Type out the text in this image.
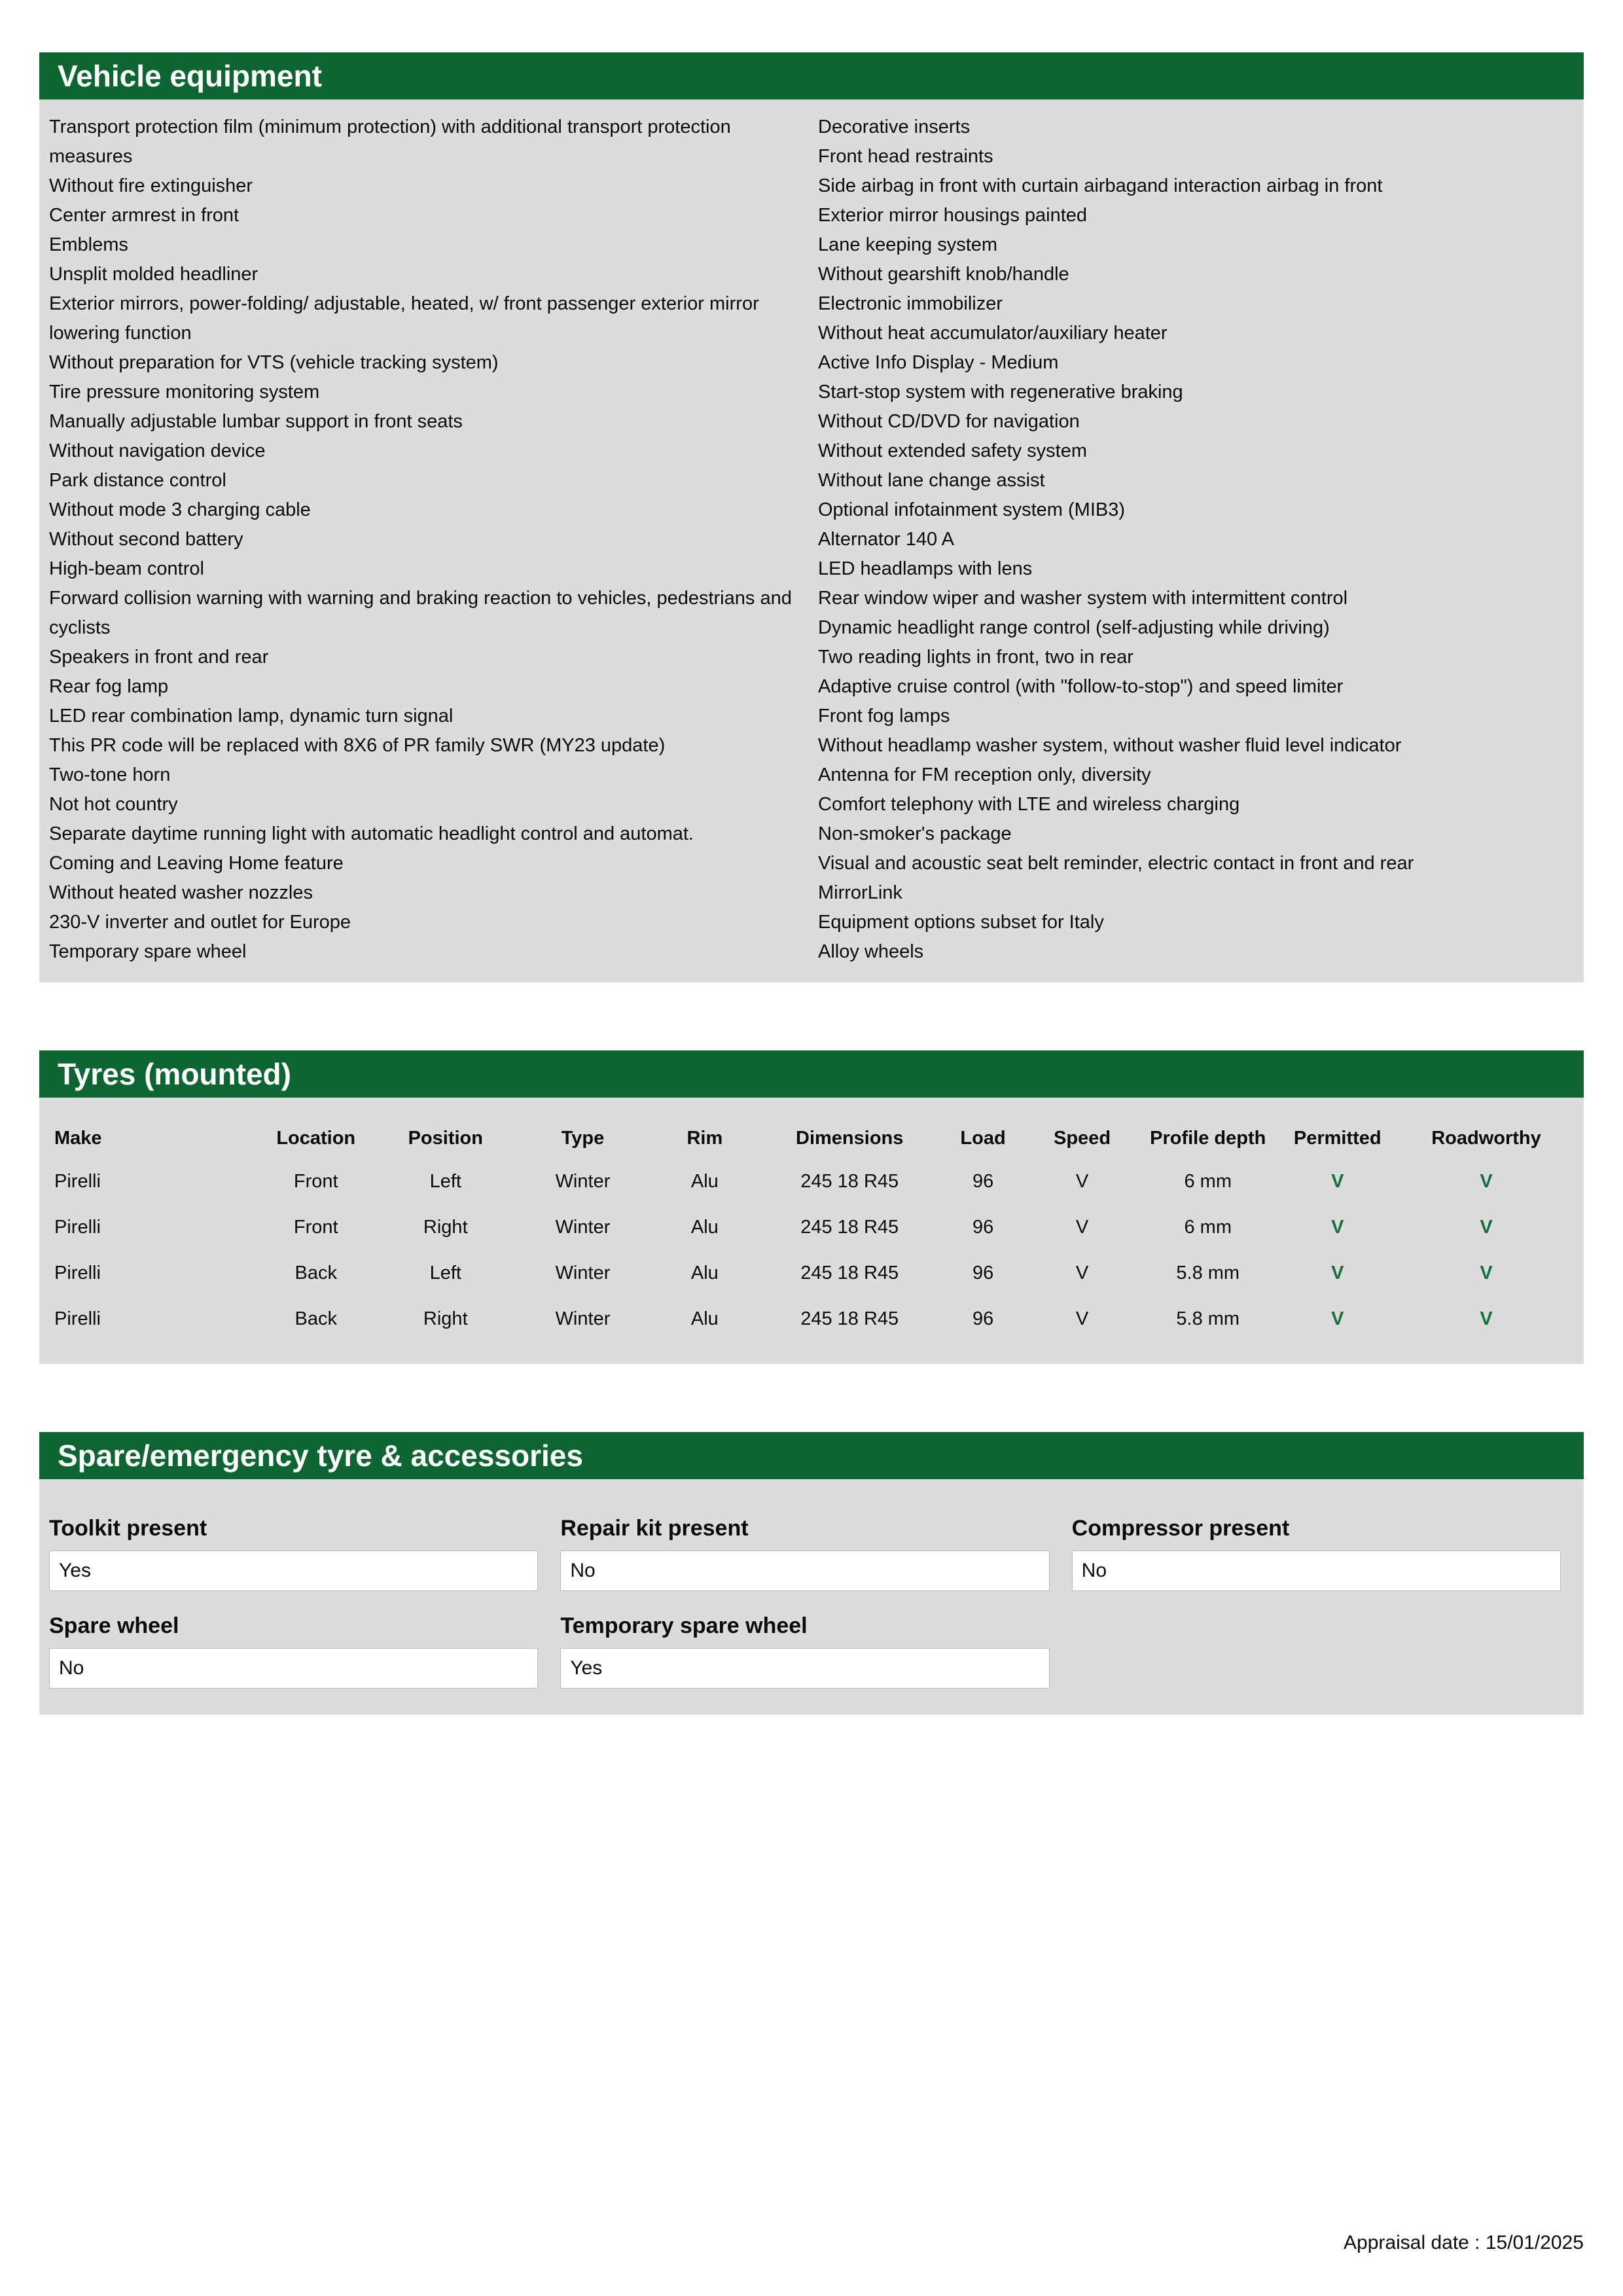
Vehicle equipment
Transport protection film (minimum protection) with additional transport protection measures
Without fire extinguisher
Center armrest in front
Emblems
Unsplit molded headliner
Exterior mirrors, power-folding/ adjustable, heated, w/ front passenger exterior mirror lowering function
Without preparation for VTS (vehicle tracking system)
Tire pressure monitoring system
Manually adjustable lumbar support in front seats
Without navigation device
Park distance control
Without mode 3 charging cable
Without second battery
High-beam control
Forward collision warning with warning and braking reaction to vehicles, pedestrians and cyclists
Speakers in front and rear
Rear fog lamp
LED rear combination lamp, dynamic turn signal
This PR code will be replaced with 8X6 of PR family SWR (MY23 update)
Two-tone horn
Not hot country
Separate daytime running light with automatic headlight control and automat.
Coming and Leaving Home feature
Without heated washer nozzles
230-V inverter and outlet for Europe
Temporary spare wheel
Decorative inserts
Front head restraints
Side airbag in front with curtain airbagand interaction airbag in front
Exterior mirror housings painted
Lane keeping system
Without gearshift knob/handle
Electronic immobilizer
Without heat accumulator/auxiliary heater
Active Info Display - Medium
Start-stop system with regenerative braking
Without CD/DVD for navigation
Without extended safety system
Without lane change assist
Optional infotainment system (MIB3)
Alternator 140 A
LED headlamps with lens
Rear window wiper and washer system with intermittent control
Dynamic headlight range control (self-adjusting while driving)
Two reading lights in front, two in rear
Adaptive cruise control (with "follow-to-stop") and speed limiter
Front fog lamps
Without headlamp washer system, without washer fluid level indicator
Antenna for FM reception only, diversity
Comfort telephony with LTE and wireless charging
Non-smoker's package
Visual and acoustic seat belt reminder, electric contact in front and rear
MirrorLink
Equipment options subset for Italy
Alloy wheels
Tyres (mounted)
Make	Location	Position	Type	Rim	Dimensions	Load	Speed	Profile depth	Permitted	Roadworthy
Pirelli	Front	Left	Winter	Alu	245 18 R45	96	V	6 mm	V	V
Pirelli	Front	Right	Winter	Alu	245 18 R45	96	V	6 mm	V	V
Pirelli	Back	Left	Winter	Alu	245 18 R45	96	V	5.8 mm	V	V
Pirelli	Back	Right	Winter	Alu	245 18 R45	96	V	5.8 mm	V	V
Spare/emergency tyre & accessories
Toolkit present
Yes
Repair kit present
No
Compressor present
No
Spare wheel
No
Temporary spare wheel
Yes
Appraisal date : 15/01/2025
